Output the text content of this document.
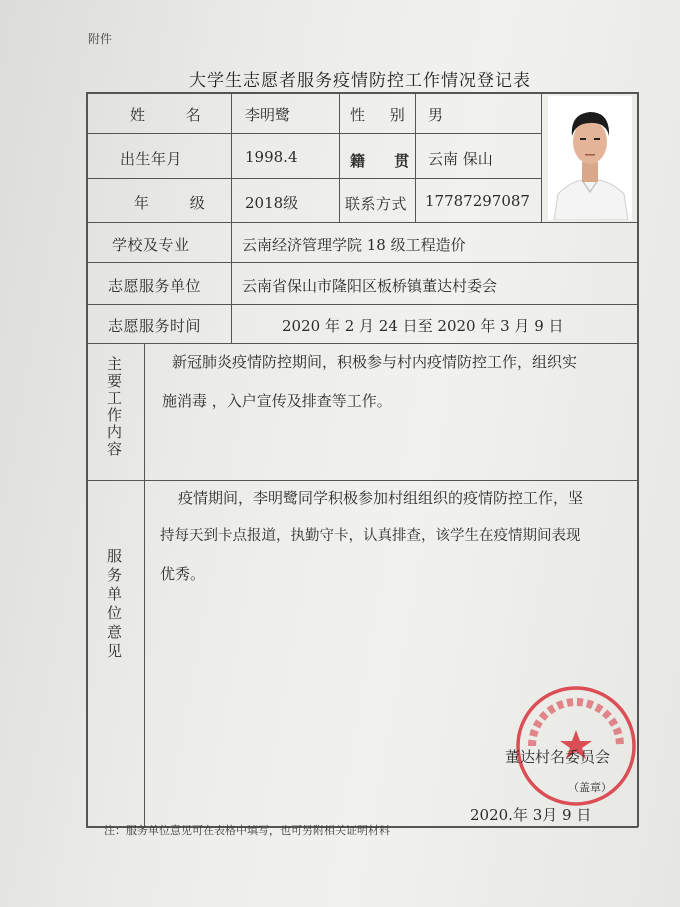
附件
大学生志愿者服务疫情防控工作情况登记表
姓 名 李明鹭	性 别 男
出生年月	1998.4	籍 贯 云南 保山
年 级 2018级	联系方式 17787297087
学校及专业	云南经济管理学院 18 级工程造价
志愿服务单位	云南省保山市隆阳区板桥镇董达村委会
志愿服务时间	2020 年 2 月 24 日至 2020 年 3 月 9 日
主要工作内容	新冠肺炎疫情防控期间，积极参与村内疫情防控工作，组织实
施消毒 ，入户宣传及排查等工作。
服务单位意见
疫情期间，李明鹭同学积极参加村组组织的疫情防控工作，坚
持每天到卡点报道，执勤守卡，认真排查，该学生在疫情期间表现
优秀。
董达村名委员会
（盖章）
2020.年 3月 9 日
注：服务单位意见可在表格中填写，也可另附相关证明材料
